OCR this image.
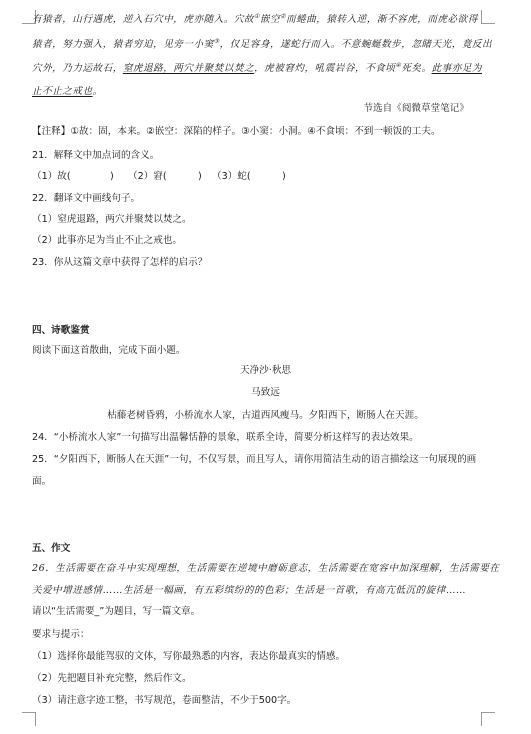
有猿者，山行遇虎，逆入石穴中，虎亦随入。穴故①嵌空②而蜷曲，猿转入逆，渐不容虎，而虎必欲得
猿者，努力强入，猿者穷迫，见旁一小窦③，仅足容身，遂蛇行而入。不意蜿蜒数步，忽睹天光，竟反出
穴外，乃力运故石，窒虎退路，两穴并聚焚以焚之，虎被窘灼，吼震岩谷，不食顷④死矣。此事亦足为
止不止之戒也。
节选自《阅微草堂笔记》
【注释】①故：固，本来。②嵌空：深陷的样子。③小窦：小洞。④不食顷：不到一顿饭的工夫。
21．解释文中加点词的含义。
（1）故(	) （2）窘(	) （3）蛇(	)
22．翻译文中画线句子。
（1）窒虎退路，两穴并聚焚以焚之。
（2）此事亦足为当止不止之戒也。
23．你从这篇文章中获得了怎样的启示？
四、诗歌鉴赏
阅读下面这首散曲，完成下面小题。
天净沙·秋思
马致远
枯藤老树昏鸦，小桥流水人家，古道西风瘦马。夕阳西下，断肠人在天涯。
24．“小桥流水人家”一句描写出温馨恬静的景象，联系全诗，简要分析这样写的表达效果。
25．“夕阳西下，断肠人在天涯”一句，不仅写景，而且写人，请你用简洁生动的语言描绘这一句展现的画
面。
五、作文
26．生活需要在奋斗中实现理想，生活需要在逆境中磨砺意志，生活需要在宽容中加深理解，生活需要在
关爱中增进感情……生活是一幅画，有五彩缤纷的的色彩；生活是一首歌，有高亢低沉的旋律……
请以“生活需要_”为题目，写一篇文章。
要求与提示：
（1）选择你最能驾驭的文体，写你最熟悉的内容，表达你最真实的情感。
（2）先把题目补充完整，然后作文。
（3）请注意字迹工整，书写规范，卷面整洁，不少于500字。
